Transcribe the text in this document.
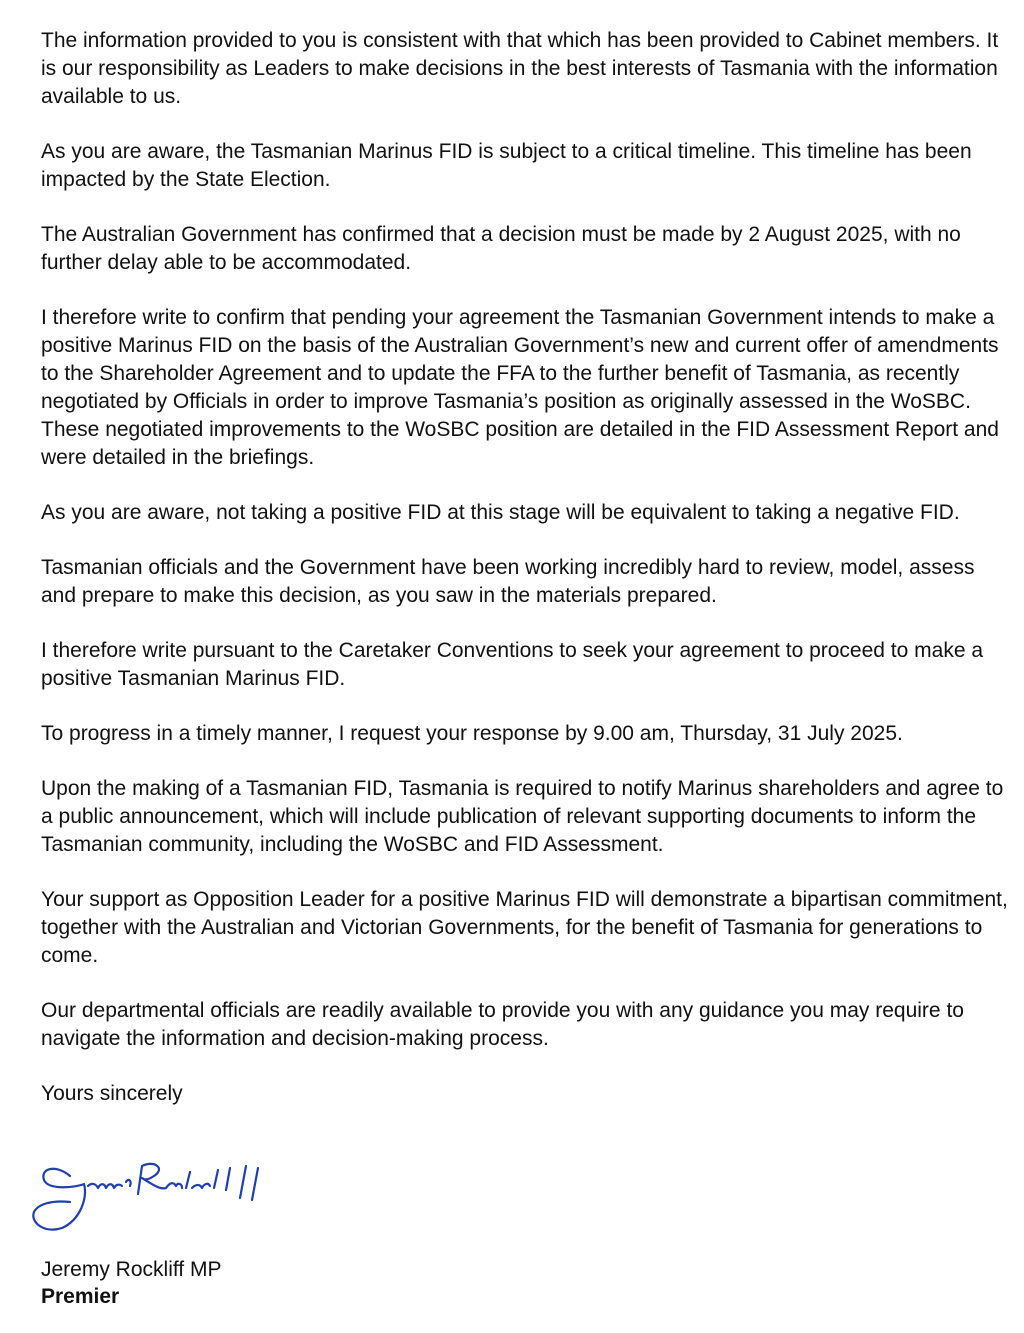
The information provided to you is consistent with that which has been provided to Cabinet members. It is our responsibility as Leaders to make decisions in the best interests of Tasmania with the information available to us.

As you are aware, the Tasmanian Marinus FID is subject to a critical timeline. This timeline has been impacted by the State Election.

The Australian Government has confirmed that a decision must be made by 2 August 2025, with no further delay able to be accommodated.

I therefore write to confirm that pending your agreement the Tasmanian Government intends to make a positive Marinus FID on the basis of the Australian Government’s new and current offer of amendments to the Shareholder Agreement and to update the FFA to the further benefit of Tasmania, as recently negotiated by Officials in order to improve Tasmania’s position as originally assessed in the WoSBC. These negotiated improvements to the WoSBC position are detailed in the FID Assessment Report and were detailed in the briefings.

As you are aware, not taking a positive FID at this stage will be equivalent to taking a negative FID.

Tasmanian officials and the Government have been working incredibly hard to review, model, assess and prepare to make this decision, as you saw in the materials prepared.

I therefore write pursuant to the Caretaker Conventions to seek your agreement to proceed to make a positive Tasmanian Marinus FID.

To progress in a timely manner, I request your response by 9.00 am, Thursday, 31 July 2025.

Upon the making of a Tasmanian FID, Tasmania is required to notify Marinus shareholders and agree to a public announcement, which will include publication of relevant supporting documents to inform the Tasmanian community, including the WoSBC and FID Assessment.

Your support as Opposition Leader for a positive Marinus FID will demonstrate a bipartisan commitment, together with the Australian and Victorian Governments, for the benefit of Tasmania for generations to come.

Our departmental officials are readily available to provide you with any guidance you may require to navigate the information and decision-making process.

Yours sincerely

Jeremy Rockliff MP
Premier
